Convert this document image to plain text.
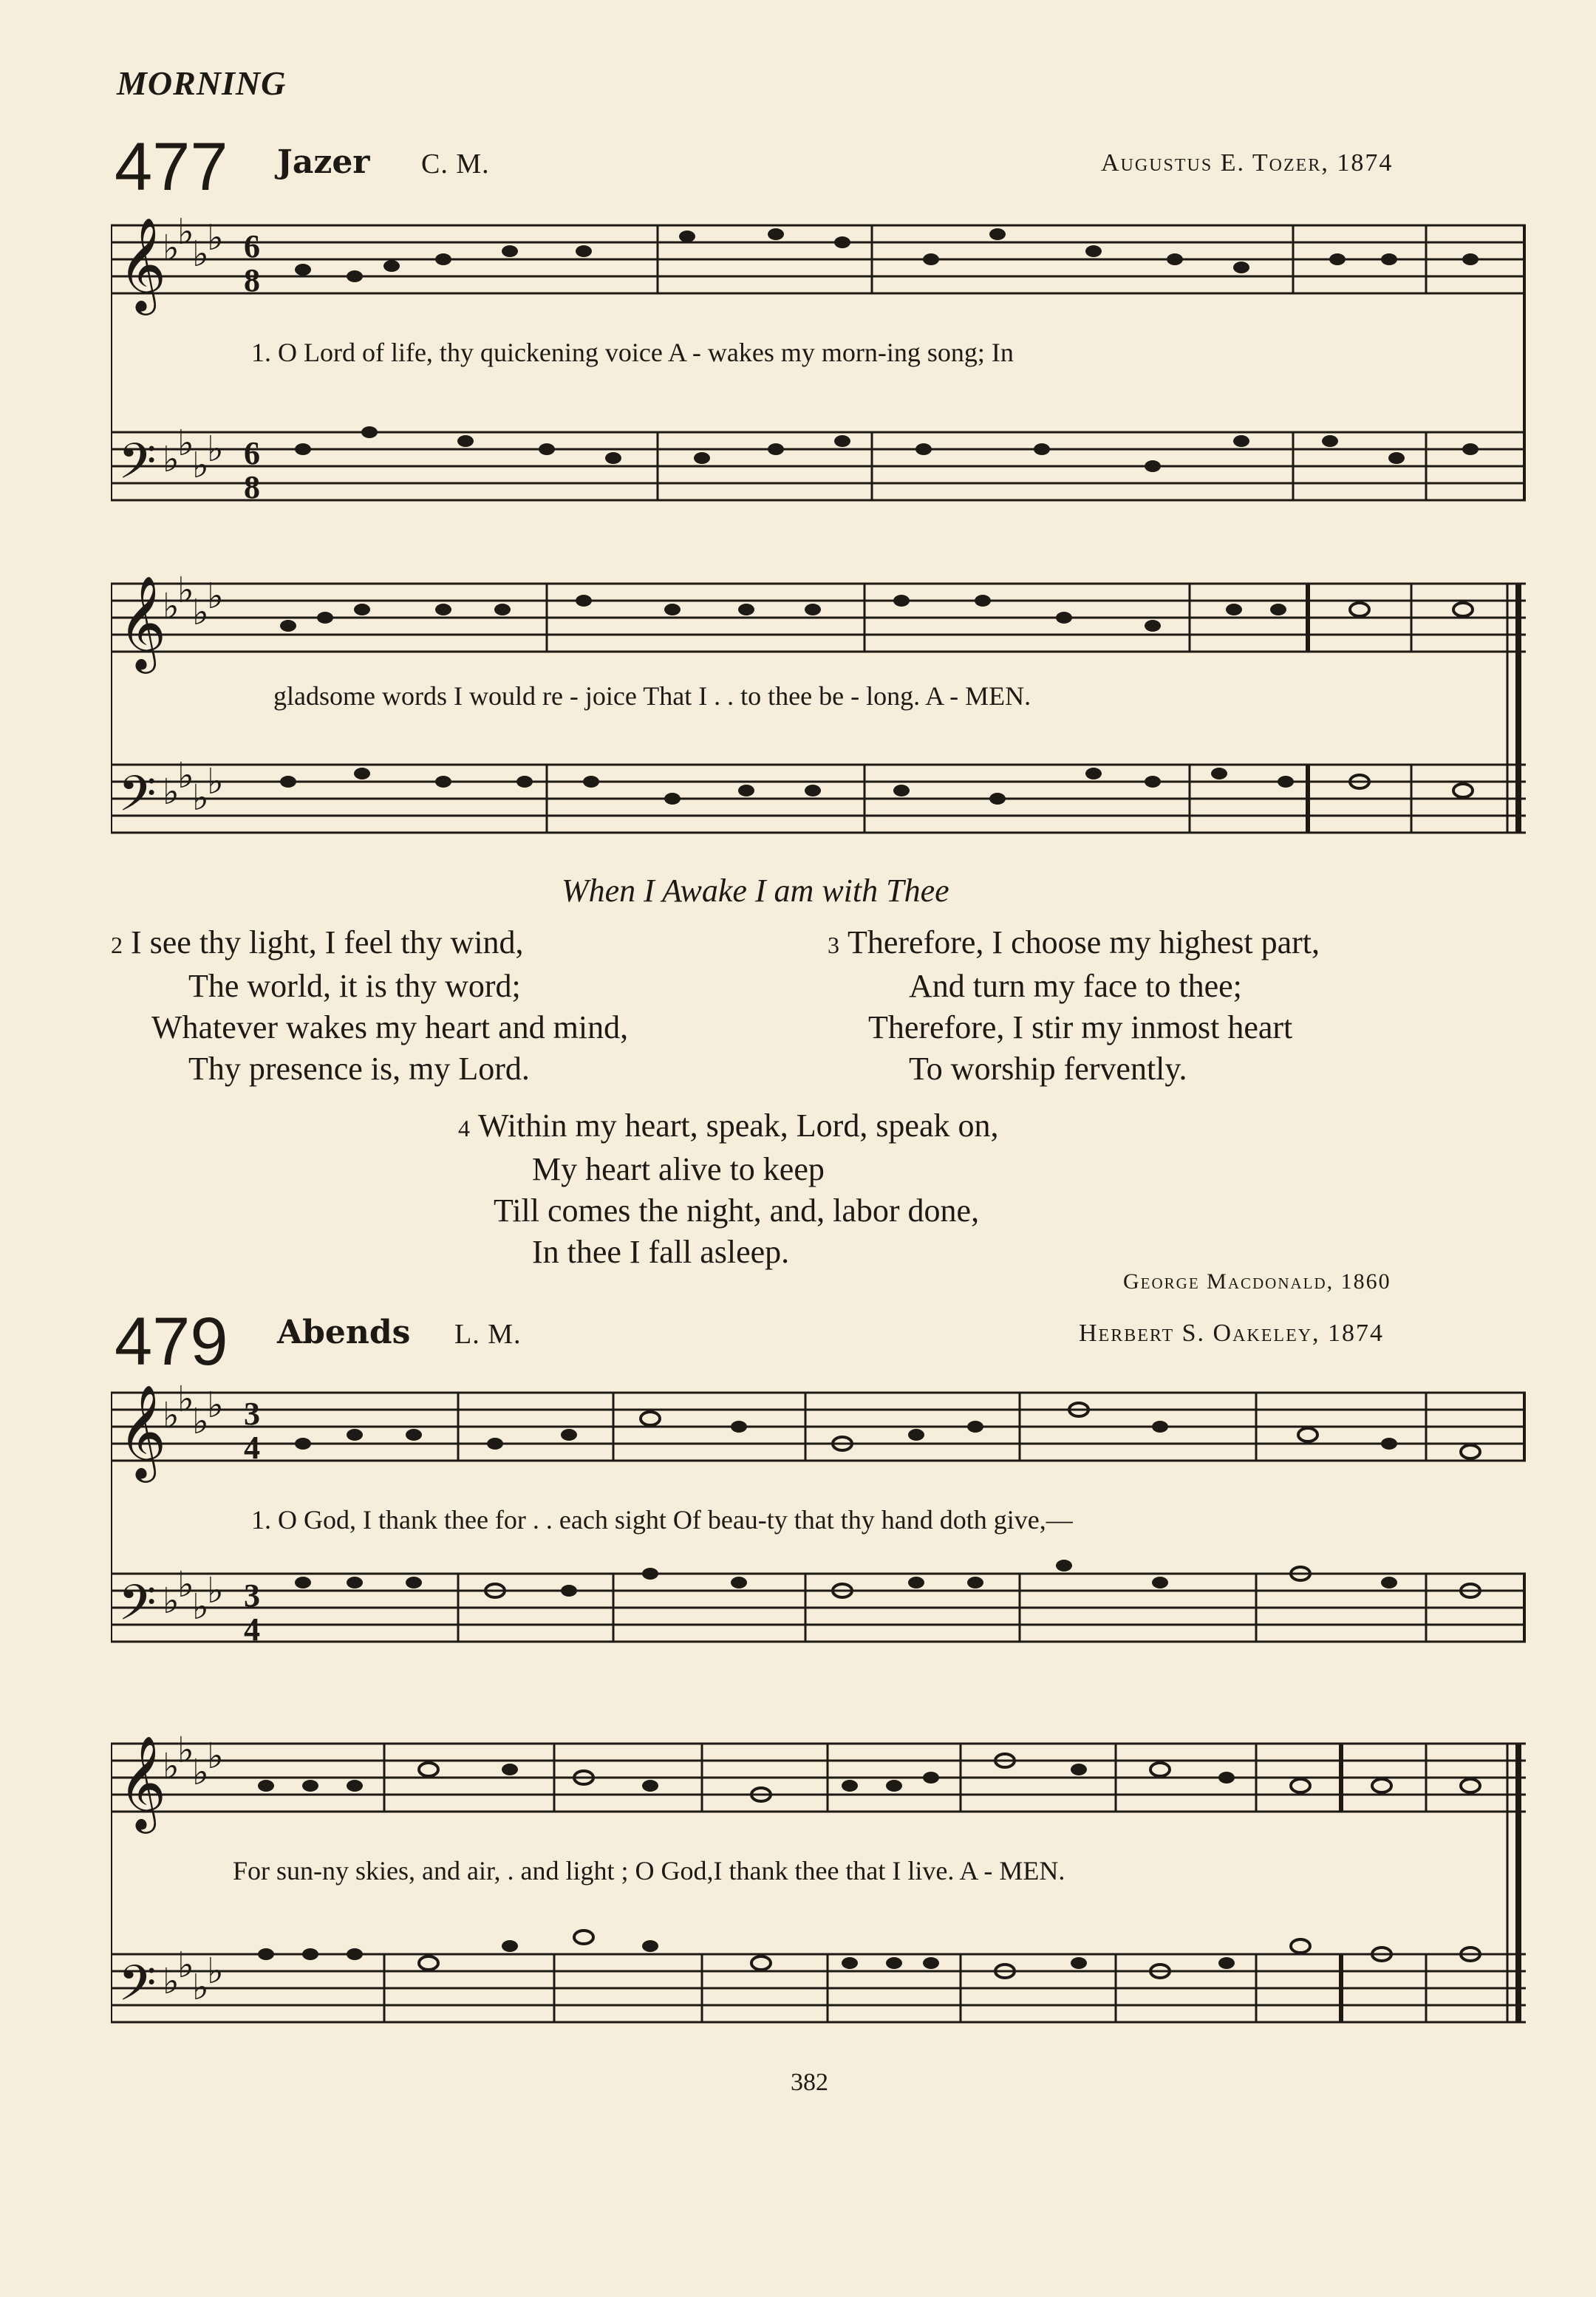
MORNING
477 Jazer C. M.	Augustus E. Tozer, 1874
𝄞
𝄢
♭
♭
♭
♭
♭
♭
♭
♭
6
8
6
8
1. O Lord of life, thy quickening voice A - wakes my morn-ing song; In
𝄞
𝄢
♭
♭
♭
♭
♭
♭
♭
♭
gladsome words I would re - joice That I . . to thee be - long. A - MEN.
When I Awake I am with Thee
2 I see thy light, I feel thy wind,
The world, it is thy word;
Whatever wakes my heart and mind,
Thy presence is, my Lord.
3 Therefore, I choose my highest part,
And turn my face to thee;
Therefore, I stir my inmost heart
To worship fervently.
4 Within my heart, speak, Lord, speak on,
My heart alive to keep
Till comes the night, and, labor done,
In thee I fall asleep.
George Macdonald, 1860
479 Abends L. M.	Herbert S. Oakeley, 1874
𝄞
𝄢
♭
♭
♭
♭
♭
♭
♭
♭
3
4
3
4
1. O God, I thank thee for . . each sight Of beau-ty that thy hand doth give,—
𝄞
𝄢
♭
♭
♭
♭
♭
♭
♭
♭
For sun-ny skies, and air, . and light ; O God,I thank thee that I live. A - MEN.
382
